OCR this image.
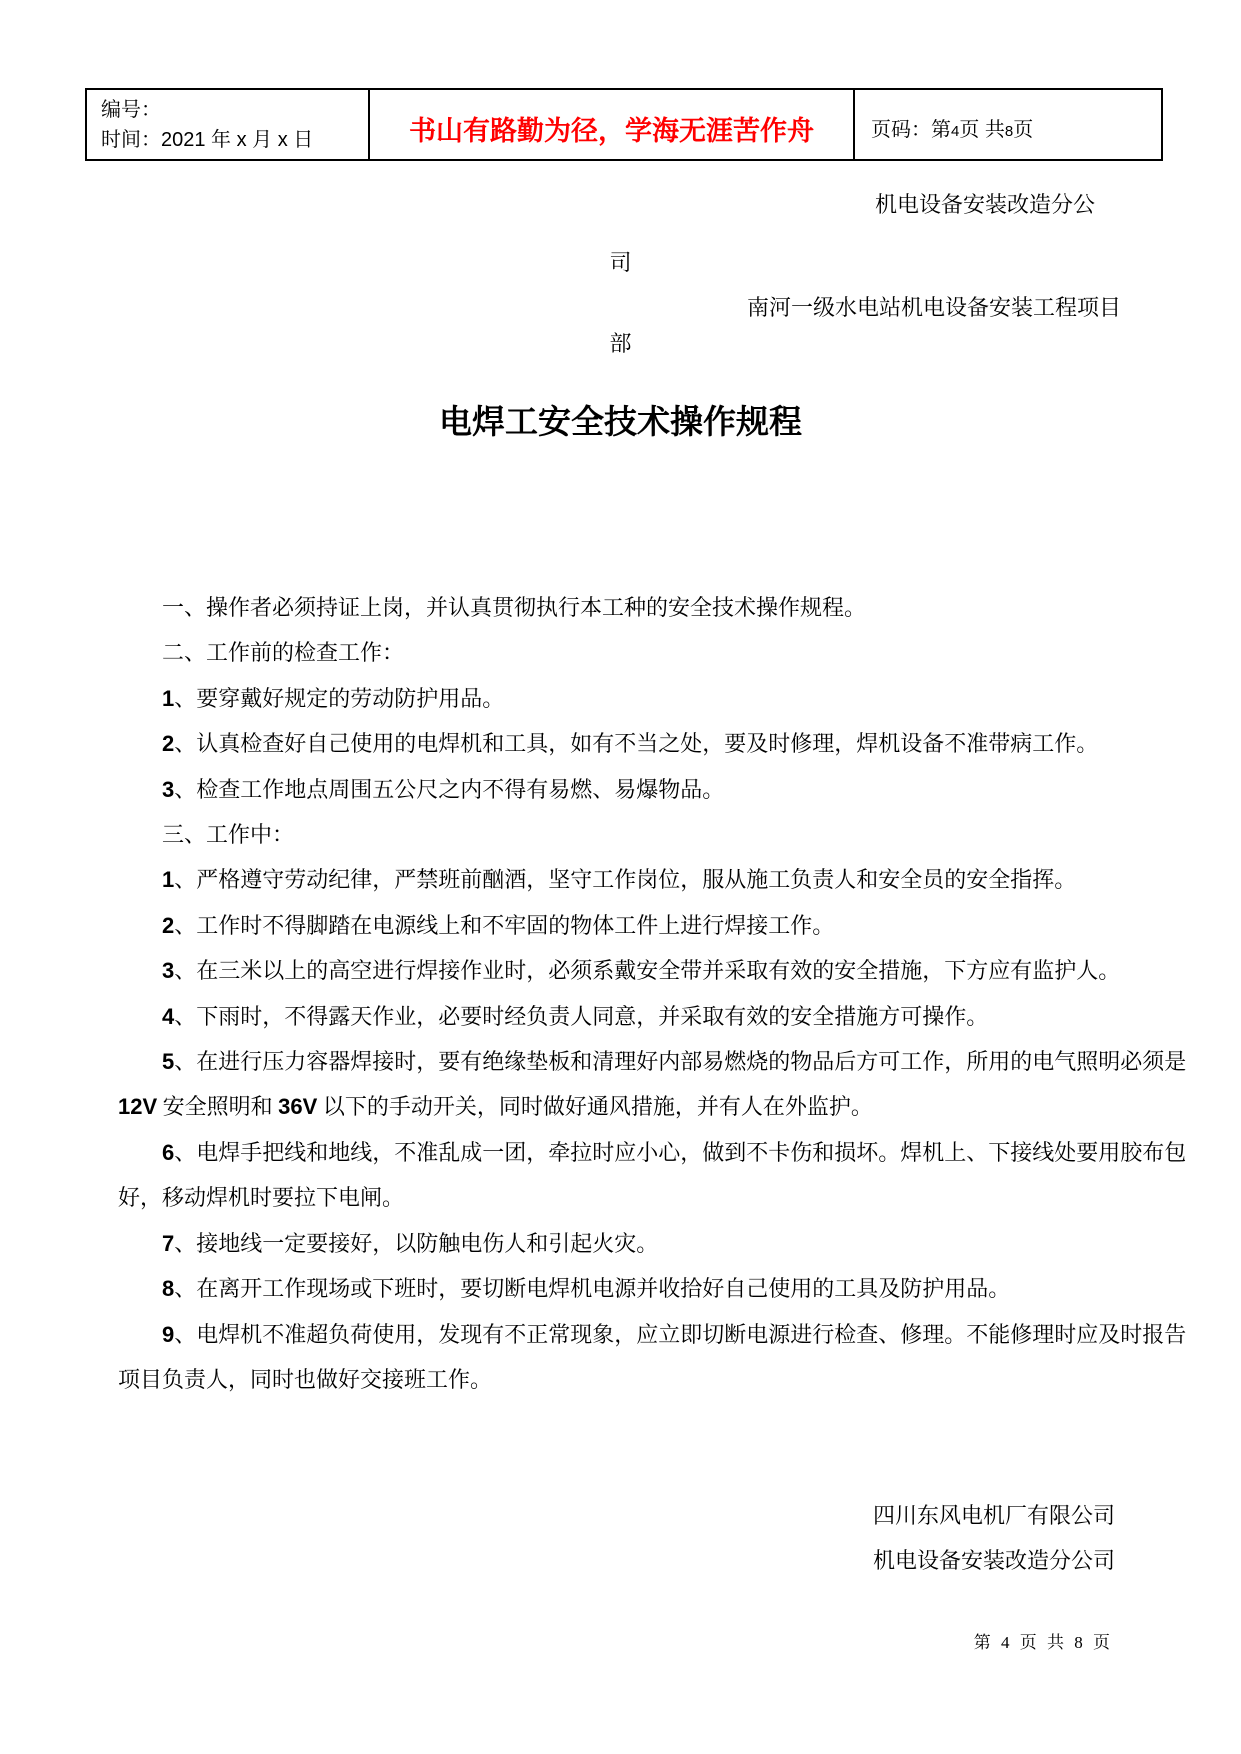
编号：
时间：2021 年 x 月 x 日	书山有路勤为径，学海无涯苦作舟	页码：第4页 共8页
机电设备安装改造分公
司
南河一级水电站机电设备安装工程项目
部
电焊工安全技术操作规程
一、操作者必须持证上岗，并认真贯彻执行本工种的安全技术操作规程。
二、工作前的检查工作：
1、要穿戴好规定的劳动防护用品。
2、认真检查好自己使用的电焊机和工具，如有不当之处，要及时修理，焊机设备不准带病工作。
3、检查工作地点周围五公尺之内不得有易燃、易爆物品。
三、工作中：
1、严格遵守劳动纪律，严禁班前酗酒，坚守工作岗位，服从施工负责人和安全员的安全指挥。
2、工作时不得脚踏在电源线上和不牢固的物体工件上进行焊接工作。
3、在三米以上的高空进行焊接作业时，必须系戴安全带并采取有效的安全措施，下方应有监护人。
4、下雨时，不得露天作业，必要时经负责人同意，并采取有效的安全措施方可操作。
5、在进行压力容器焊接时，要有绝缘垫板和清理好内部易燃烧的物品后方可工作，所用的电气照明必须是
12V 安全照明和 36V 以下的手动开关，同时做好通风措施，并有人在外监护。
6、电焊手把线和地线，不准乱成一团，牵拉时应小心，做到不卡伤和损坏。焊机上、下接线处要用胶布包
好，移动焊机时要拉下电闸。
7、接地线一定要接好，以防触电伤人和引起火灾。
8、在离开工作现场或下班时，要切断电焊机电源并收拾好自己使用的工具及防护用品。
9、电焊机不准超负荷使用，发现有不正常现象，应立即切断电源进行检查、修理。不能修理时应及时报告
项目负责人，同时也做好交接班工作。
四川东风电机厂有限公司
机电设备安装改造分公司
第 4 页 共 8 页
